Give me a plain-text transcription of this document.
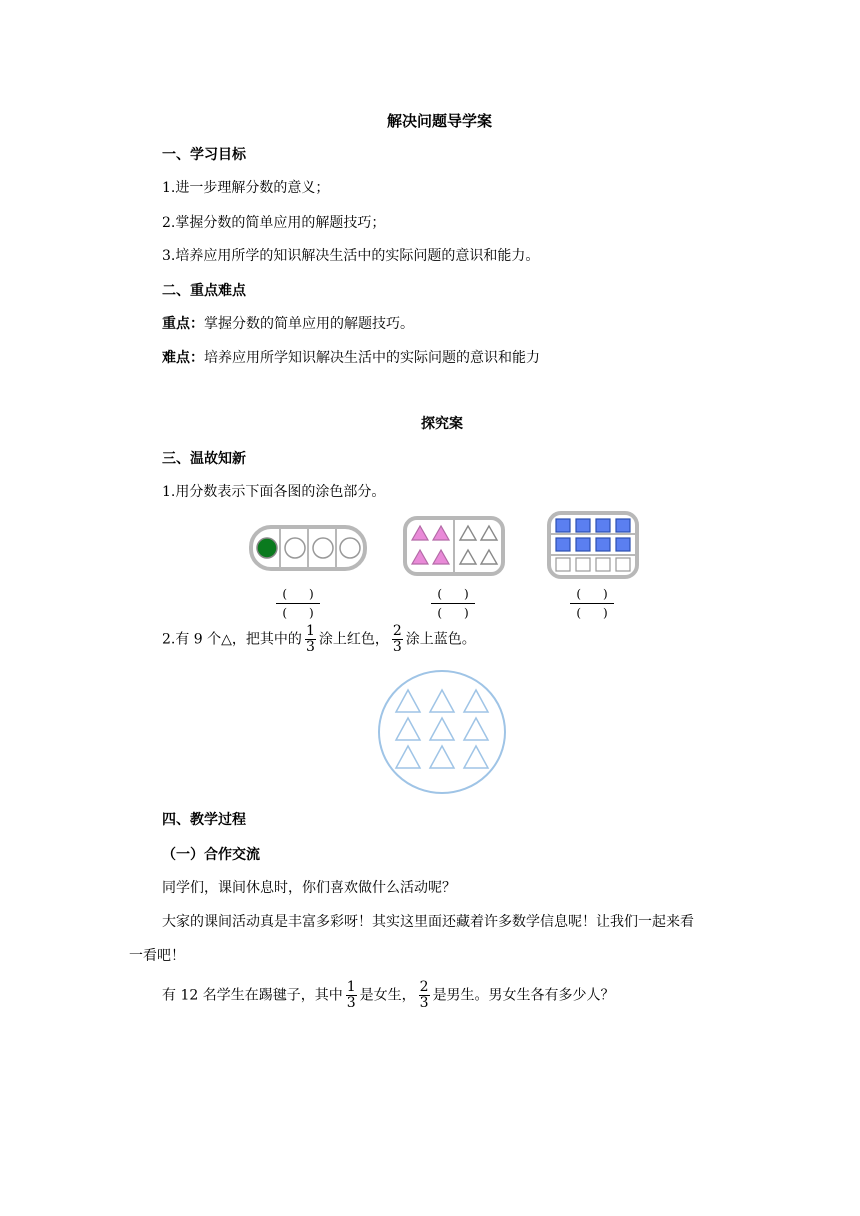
解决问题导学案
一、学习目标
1.进一步理解分数的意义；
2.掌握分数的简单应用的解题技巧；
3.培养应用所学的知识解决生活中的实际问题的意识和能力。
二、重点难点
重点：掌握分数的简单应用的解题技巧。
难点：培养应用所学知识解决生活中的实际问题的意识和能力
探究案
三、温故知新
1.用分数表示下面各图的涂色部分。
()
()
()
()
()
()
2.有 9 个△，把其中的 $\frac{1}{3}$ 涂上红色， $\frac{2}{3}$ 涂上蓝色。
四、教学过程
（一）合作交流
同学们，课间休息时，你们喜欢做什么活动呢？
大家的课间活动真是丰富多彩呀！其实这里面还藏着许多数学信息呢！让我们一起来看
一看吧！
有 12 名学生在踢毽子，其中 $\frac{1}{3}$ 是女生， $\frac{2}{3}$ 是男生。男女生各有多少人？
